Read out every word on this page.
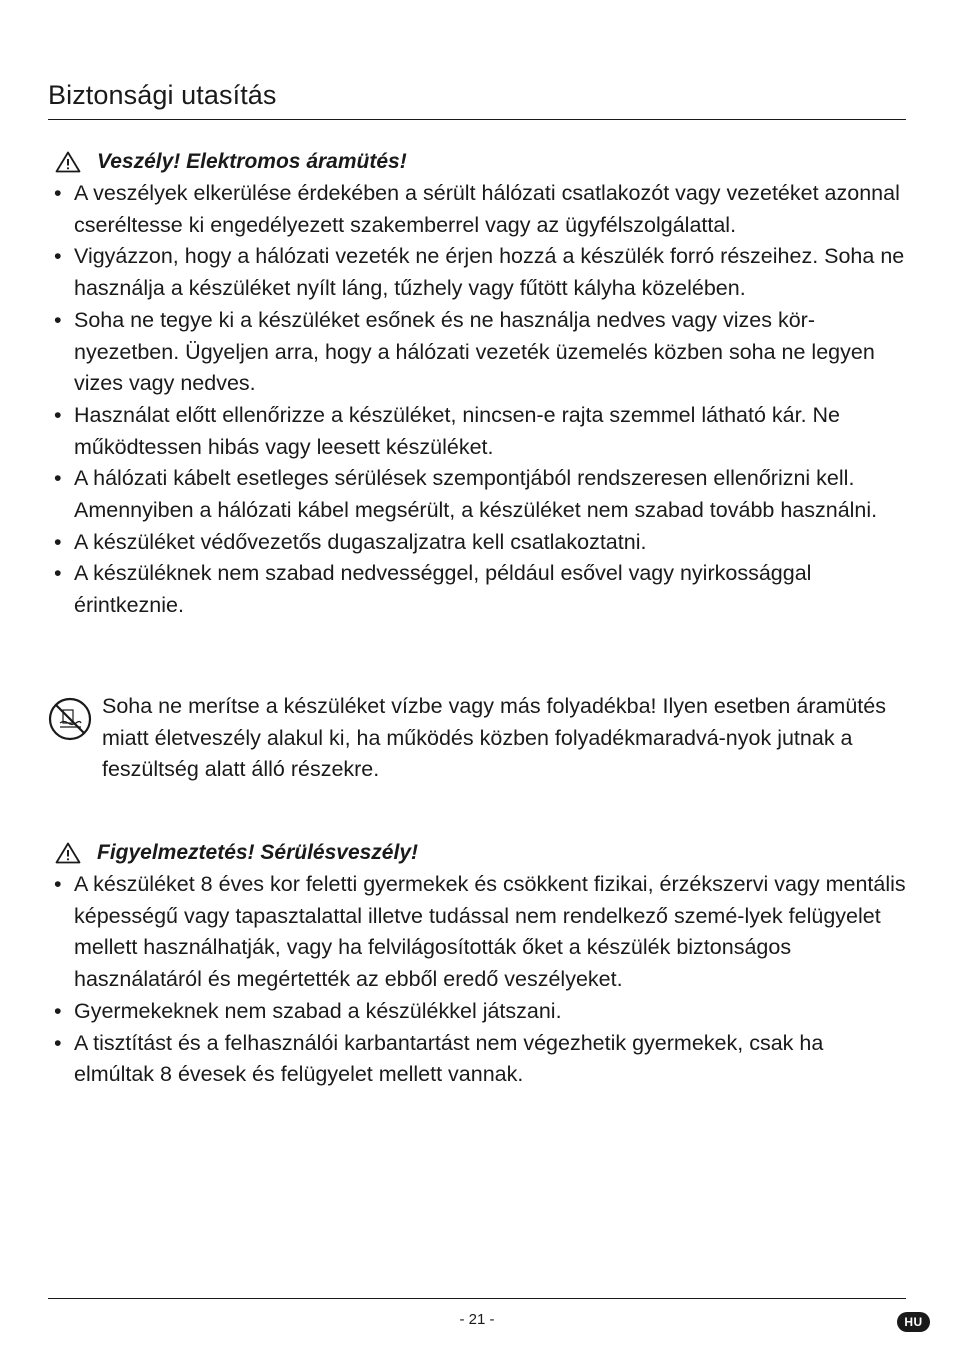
Biztonsági utasítás
Veszély! Elektromos áramütés!
• A veszélyek elkerülése érdekében a sérült hálózati csatlakozót vagy vezetéket azonnal cseréltesse ki engedélyezett szakemberrel vagy az ügyfélszolgálattal.
• Vigyázzon, hogy a hálózati vezeték ne érjen hozzá a készülék forró részeihez. Soha ne használja a készüléket nyílt láng, tűzhely vagy fűtött kályha közelében.
• Soha ne tegye ki a készüléket esőnek és ne használja nedves vagy vizes kör-nyezetben. Ügyeljen arra, hogy a hálózati vezeték üzemelés közben soha ne legyen vizes vagy nedves.
• Használat előtt ellenőrizze a készüléket, nincsen-e rajta szemmel látható kár. Ne működtessen hibás vagy leesett készüléket.
• A hálózati kábelt esetleges sérülések szempontjából rendszeresen ellenőrizni kell. Amennyiben a hálózati kábel megsérült, a készüléket nem szabad tovább használni.
• A készüléket védővezetős dugaszaljzatra kell csatlakoztatni.
• A készüléknek nem szabad nedvességgel, például esővel vagy nyirkossággal érintkeznie.

Soha ne merítse a készüléket vízbe vagy más folyadékba! Ilyen esetben áramütés miatt életveszély alakul ki, ha működés közben folyadékmaradvá-nyok jutnak a feszültség alatt álló részekre.

Figyelmeztetés! Sérülésveszély!
• A készüléket 8 éves kor feletti gyermekek és csökkent fizikai, érzékszervi vagy mentális képességű vagy tapasztalattal illetve tudással nem rendelkező szemé-lyek felügyelet mellett használhatják, vagy ha felvilágosították őket a készülék biztonságos használatáról és megértették az ebből eredő veszélyeket.
• Gyermekeknek nem szabad a készülékkel játszani.
• A tisztítást és a felhasználói karbantartást nem végezhetik gyermekek, csak ha elmúltak 8 évesek és felügyelet mellett vannak.
- 21 -	HU
